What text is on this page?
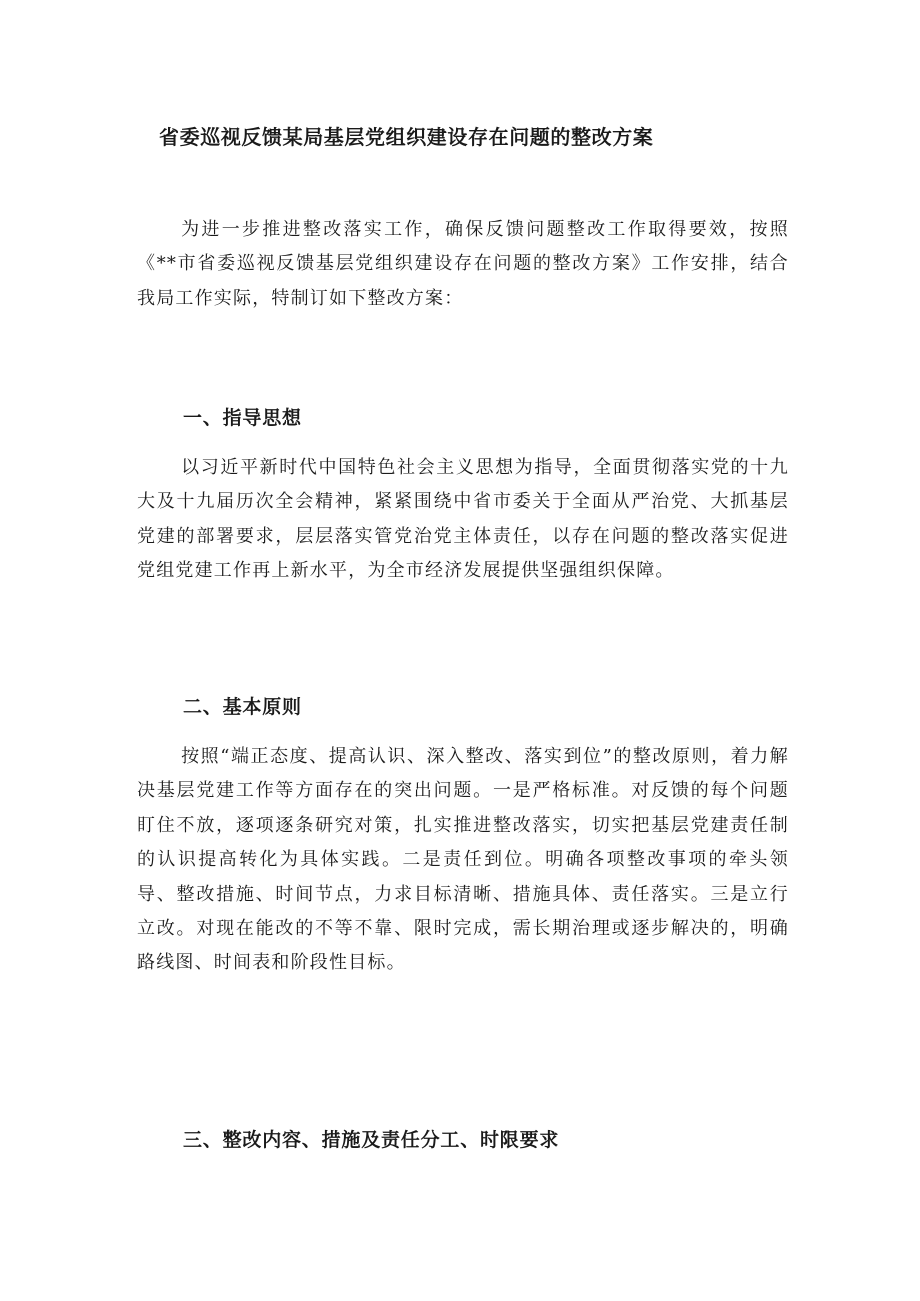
省委巡视反馈某局基层党组织建设存在问题的整改方案

为进一步推进整改落实工作，确保反馈问题整改工作取得要效，按照《**市省委巡视反馈基层党组织建设存在问题的整改方案》工作安排，结合我局工作实际，特制订如下整改方案：

一、指导思想

以习近平新时代中国特色社会主义思想为指导，全面贯彻落实党的十九大及十九届历次全会精神，紧紧围绕中省市委关于全面从严治党、大抓基层党建的部署要求，层层落实管党治党主体责任，以存在问题的整改落实促进党组党建工作再上新水平，为全市经济发展提供坚强组织保障。

二、基本原则

按照“端正态度、提高认识、深入整改、落实到位”的整改原则，着力解决基层党建工作等方面存在的突出问题。一是严格标准。对反馈的每个问题盯住不放，逐项逐条研究对策，扎实推进整改落实，切实把基层党建责任制的认识提高转化为具体实践。二是责任到位。明确各项整改事项的牵头领导、整改措施、时间节点，力求目标清晰、措施具体、责任落实。三是立行立改。对现在能改的不等不靠、限时完成，需长期治理或逐步解决的，明确路线图、时间表和阶段性目标。

三、整改内容、措施及责任分工、时限要求
